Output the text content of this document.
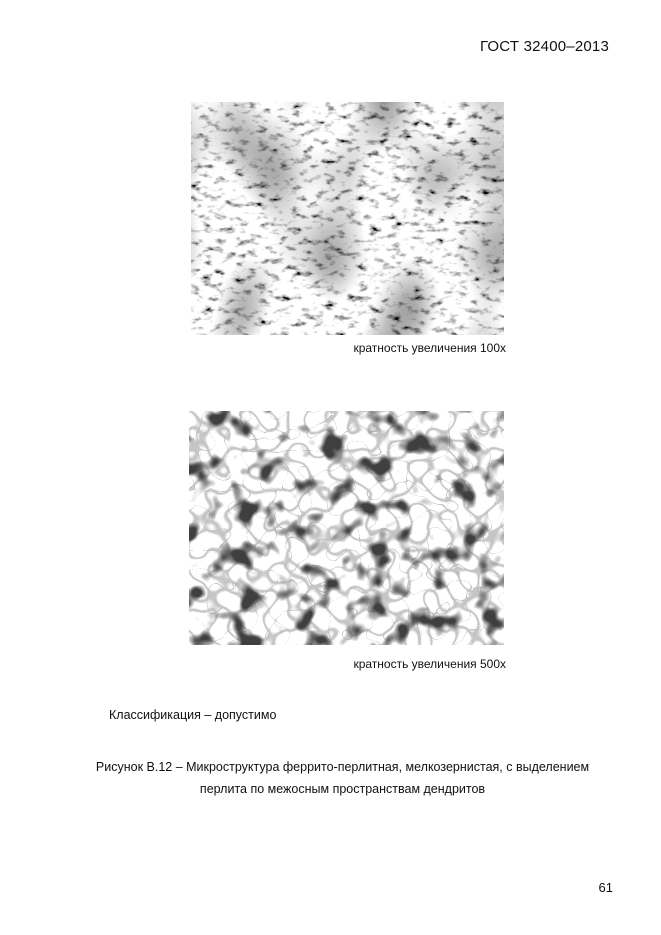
ГОСТ 32400–2013
кратность увеличения 100х
кратность увеличения 500х
Классификация – допустимо
Рисунок В.12 – Микроструктура феррито-перлитная, мелкозернистая, с выделением
перлита по межосным пространствам дендритов
61
